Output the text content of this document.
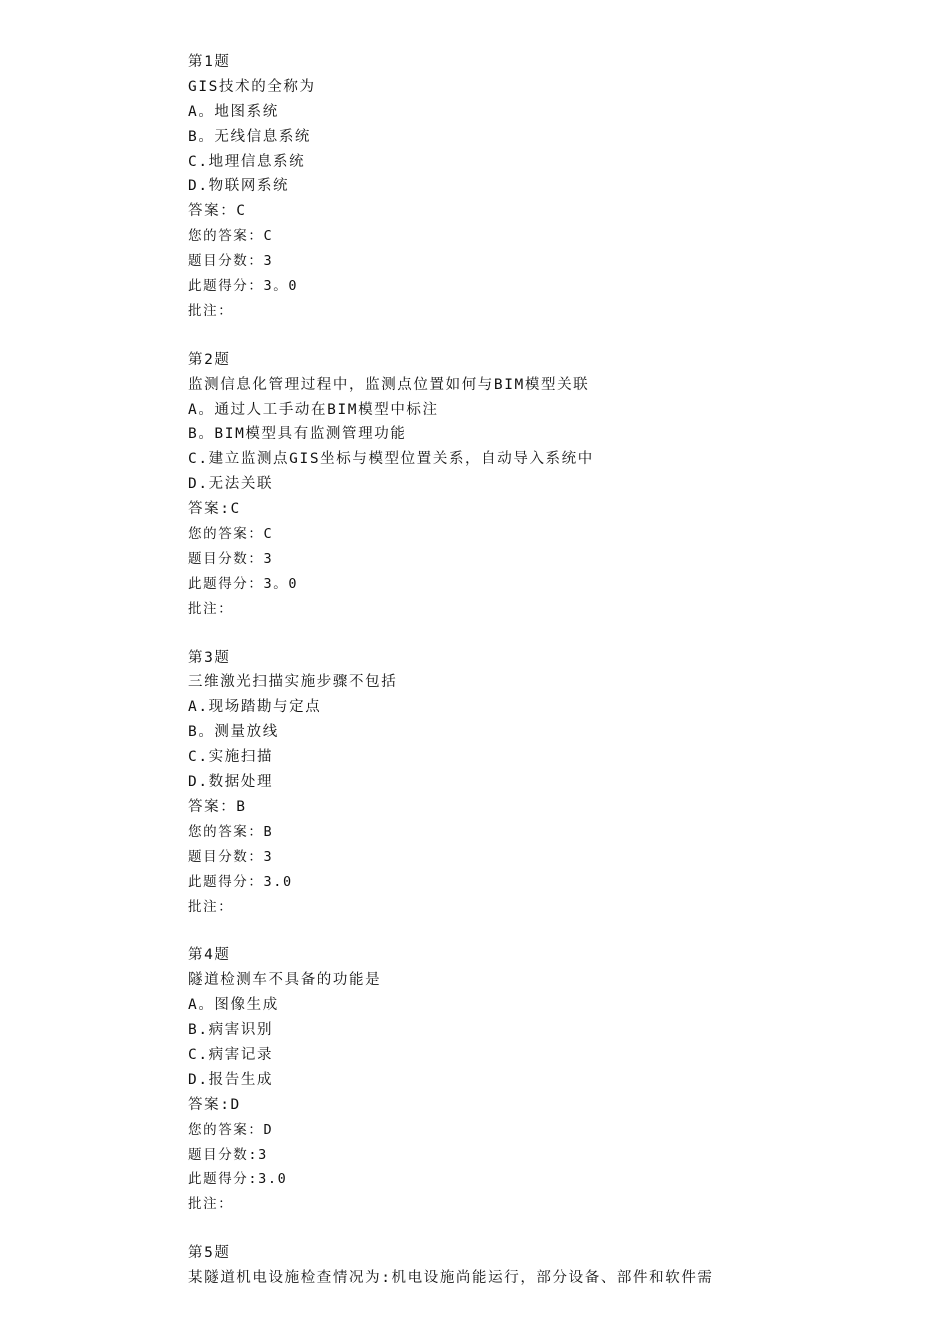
第1题
GIS技术的全称为
A。地图系统
B。无线信息系统
C.地理信息系统
D.物联网系统
答案：C
您的答案：C
题目分数：3
此题得分：3。0
批注：
第2题
监测信息化管理过程中，监测点位置如何与BIM模型关联
A。通过人工手动在BIM模型中标注
B。BIM模型具有监测管理功能
C.建立监测点GIS坐标与模型位置关系，自动导入系统中
D.无法关联
答案:C
您的答案：C
题目分数：3
此题得分：3。0
批注：
第3题
三维激光扫描实施步骤不包括
A.现场踏勘与定点
B。测量放线
C.实施扫描
D.数据处理
答案：B
您的答案：B
题目分数：3
此题得分：3.0
批注：
第4题
隧道检测车不具备的功能是
A。图像生成
B.病害识别
C.病害记录
D.报告生成
答案:D
您的答案：D
题目分数:3
此题得分:3.0
批注：
第5题
某隧道机电设施检查情况为:机电设施尚能运行，部分设备、部件和软件需
